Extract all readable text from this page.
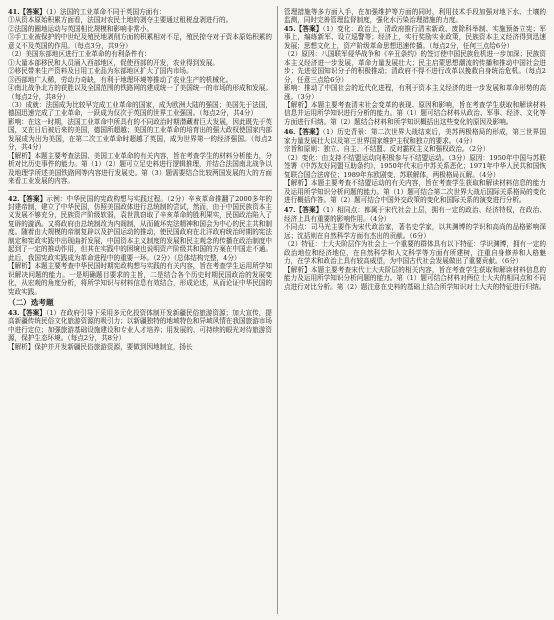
41.【答案】（1）法国的工业革命不同于英国方面有：

①从资本原始积累方面看，法国对农民土地的剥夺主要通过租税盘剥进行的。

②法国的圈地运动与英国相比规模和影响非常小。

③手工业被保护的中世纪及殖民地剥削方面的积累相对不足，殖民掠夺对于资本原始积累的意义不及英国的作用。（每点3分，共9分）

（2）美国东部地区进行工业革命的有利条件有：

①大量本部移民和人员涌入西部地区，促使西部的开发，农业得到发展。

②移民带来生产资料及日用工业品为东部地区扩大了国内市场。

③西部地广人稀，劳动力奇缺，有利于地理环境等推动了农业生产的机械化。

④南北战争北方的获胜以及全国范围的铁路网的建成统一了美国统一的市场的形成和发展。（每点2分，共8分）

（3）成就：法国成为比较早完成工业革命的国家，成为欧洲大陆的强国；美国先于法国，德国迅速完成了工业革命，一跃成为仅次于英国的世界工业强国。（每点2分，共4分）

影响：在这一时期，法国工业革命中所具有的不同政治时期潜藏着巨大发展，因此既先于英国，又在日后被后来的美国，德国所超越；美国的工业革命的培育出的强大政权使国家内部发展成为出为美国，在第二次工业革命时超越了英国，成为世界第一的经济强国。（每点2分，共4分）

【解析】本题主要考查法国、美国工业革命的有关内容，旨在考查学生的材料分析能力，分析对比历史事件的能力。第（1）（2）题可立足史料进行逻辑推理，并结合法国南北战争以及地理学所述美国铁路网等内容进行发展史。第（3）题需要结合比较两国发展的大的方面来看工业发展的内容。

42.【答案】示例：中华民国的宪政构想与实践过程。（2分）辛亥革命推翻了2000多年的封建帝制，建立了中华民国，仿照美国政体进行总统制的尝试，然而，由于中国民族资本主义发展不够充分，民族资产阶级软弱，袁世凯窃取了辛亥革命的胜利果实，民国政治陷入了复辟的漩涡。又将政府由总统制改为内阁制，从而破坏宪法精神和国会为中心的民主共和制度。随着由大规模的帝制复辟以及护国运动的推动，使民国政府在北洋政府统治时期的宪法制定和宪政实践中出现曲折发展，中国资本主义制度的发展和民主观念的传播在政治制度中起到了一定的推动作用，但其在实践中的困境也说明资产阶级共和国的方案在中国走不通。此后，我国宪政实践成为革命进程中的重要一环。（2分）（总体结构完整，4分）

【解析】本题主要考查中华民国时期宪政构想与实践的有关内容，旨在考查学生运用所学知识解决问题的能力。一是明确题目要求的主旨，二是结合各个历史时期民国政治的发展变化，从宏观的角度分析，将所学知识与材料信息有效结合，形成论述，从而论证中华民国的宪政实践。

（二）选考题

43.【答案】（1）在政府引导下采用多元化投资体制开发新疆民俗旅游资源；加大宣传，提高新疆传统民俗文化旅游资源的吸引力；以新疆独特的地域特色和异域风情在我国旅游市场中进行定位；加强旅游基础设施建设和专业人才培养；用发展的、可持续的眼光对待旅游资源，保护生态环境。（每点2分，共8分）

【解析】保护并开发新疆民俗旅游资源，要做到因地制宜，扬长

管理措施等多方面入手，在加强维护等方面的同时，利用技术手段加强对地下水、土壤的监测，同时完善管理监督制度，强化水污染治理措施的力度。

45.【答案】（1）变化：政治上，清政府推行清末新政、废除科举制、实施预备立宪；军事上，编练新军、设立巡警等；经济上，实行奖励实业政策，民族资本主义经济得到迅速发展；思想文化上，资产阶级革命思想迅速传播。（每点2分，任何三点给6分）

（2）原因：八国联军侵华战争和《辛丑条约》的签订使中国民族危机进一步加深；民族资本主义经济进一步发展，革命力量发展壮大；民主启蒙思想潮流的传播和推动中国社会进步；先进爱国知识分子的积极推动；清政府不得不进行改革以挽救自身统治危机。（每点2分，任意三点给6分）

影响：推动了中国社会的近代化进程，有利于资本主义经济的进一步发展和革命形势的高涨。（3分）

【解析】本题主要考查清末社会变革的表现、原因和影响，旨在考查学生获取和解读材料信息并运用所学知识进行分析的能力。第（1）题可结合材料从政治、军事、经济、文化等方面进行归纳。第（2）题结合材料和所学知识概括出这些变化的原因及影响。

46.【答案】（1）历史背景：第二次世界大战结束后，美苏两极格局的形成，第三世界国家力量发展壮大以及第三世界国家维护主权和独立的要求。（4分）

宗旨和原则：独立、自主、不结盟、反对霸权主义和强权政治。（2分）

（2）变化：由支持不结盟运动向积极参与不结盟运动。（3分）原因：1950年中国与苏联签署《中苏友好同盟互助条约》，1950年代末后中苏关系恶化；1971年中华人民共和国恢复联合国合法席位；1989年东欧剧变、苏联解体，两极格局瓦解。（4分）

【解析】本题主要考查不结盟运动的有关内容，旨在考查学生获取和解读材料信息的能力及运用所学知识分析问题的能力。第（1）题可结合第二次世界大战后国际关系格局的变化进行概括作答。第（2）题可结合中国外交政策的变化和国际关系的演变进行分析。

47.【答案】（1）相同点：都属于宋代社会上层，拥有一定的政治、经济特权，在政治、经济上具有重要的影响作用。（4分）

不同点：司马光主要作为宋代政治家，著名史学家，以其渊博的学识和高尚的品格影响深远；沈括则在自然科学方面有杰出的贡献。（6分）

（2）特征：士大夫阶层作为社会上一个重要的群体具有以下特征：学识渊博，拥有一定的政治地位和经济地位，在自然科学和人文科学等方面有所建树，注重自身修养和人格魅力，在学术和政治上具有较高威望，为中国古代社会发展做出了重要贡献。（6分）

【解析】本题主要考查宋代士大夫阶层的相关内容，旨在考查学生获取和解读材料信息的能力及运用所学知识分析问题的能力。第（1）题可结合材料对两位士大夫的相同点和不同点进行对比分析。第（2）题注意在史料的基础上结合所学知识对士大夫的特征进行归纳。
